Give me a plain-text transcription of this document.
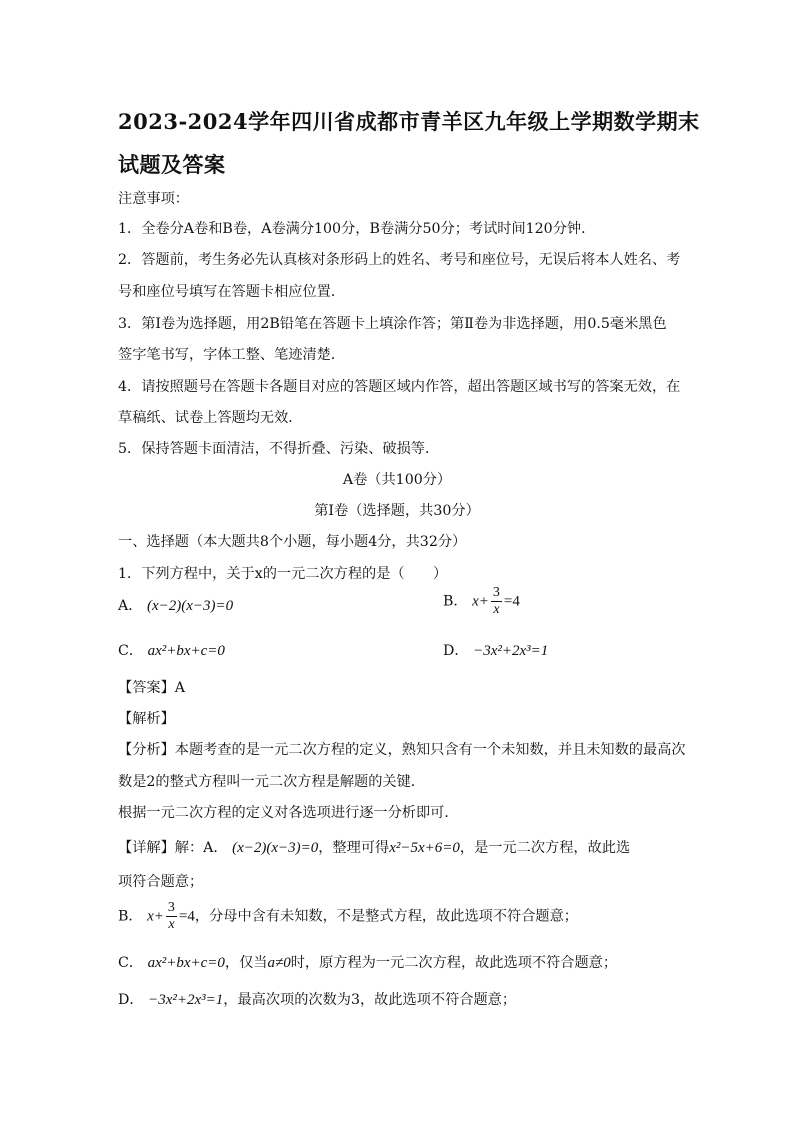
2023-2024学年四川省成都市青羊区九年级上学期数学期末
试题及答案
注意事项：
1．全卷分A卷和B卷，A卷满分100分，B卷满分50分；考试时间120分钟．
2．答题前，考生务必先认真核对条形码上的姓名、考号和座位号，无误后将本人姓名、考
号和座位号填写在答题卡相应位置．
3．第Ⅰ卷为选择题，用2B铅笔在答题卡上填涂作答；第Ⅱ卷为非选择题，用0.5毫米黑色
签字笔书写，字体工整、笔迹清楚．
4．请按照题号在答题卡各题目对应的答题区域内作答，超出答题区域书写的答案无效，在
草稿纸、试卷上答题均无效．
5．保持答题卡面清洁，不得折叠、污染、破损等．
A卷（共100分）
第Ⅰ卷（选择题，共30分）
一、选择题（本大题共8个小题，每小题4分，共32分）
1．下列方程中，关于x的一元二次方程的是（　　）
A． (x−2)(x−3)=0	B． $x+ \frac{3}{x} =4$
C． ax²+bx+c=0	D． −3x²+2x³=1
【答案】A
【解析】
【分析】本题考查的是一元二次方程的定义，熟知只含有一个未知数，并且未知数的最高次
数是2的整式方程叫一元二次方程是解题的关键．
根据一元二次方程的定义对各选项进行逐一分析即可．
【详解】解：A． (x−2)(x−3)=0，整理可得x²−5x+6=0，是一元二次方程，故此选
项符合题意；
B． $x+ \frac{3}{x} =4$，分母中含有未知数，不是整式方程，故此选项不符合题意；
C． ax²+bx+c=0，仅当a≠0时，原方程为一元二次方程，故此选项不符合题意；
D． −3x²+2x³=1，最高次项的次数为3，故此选项不符合题意；
